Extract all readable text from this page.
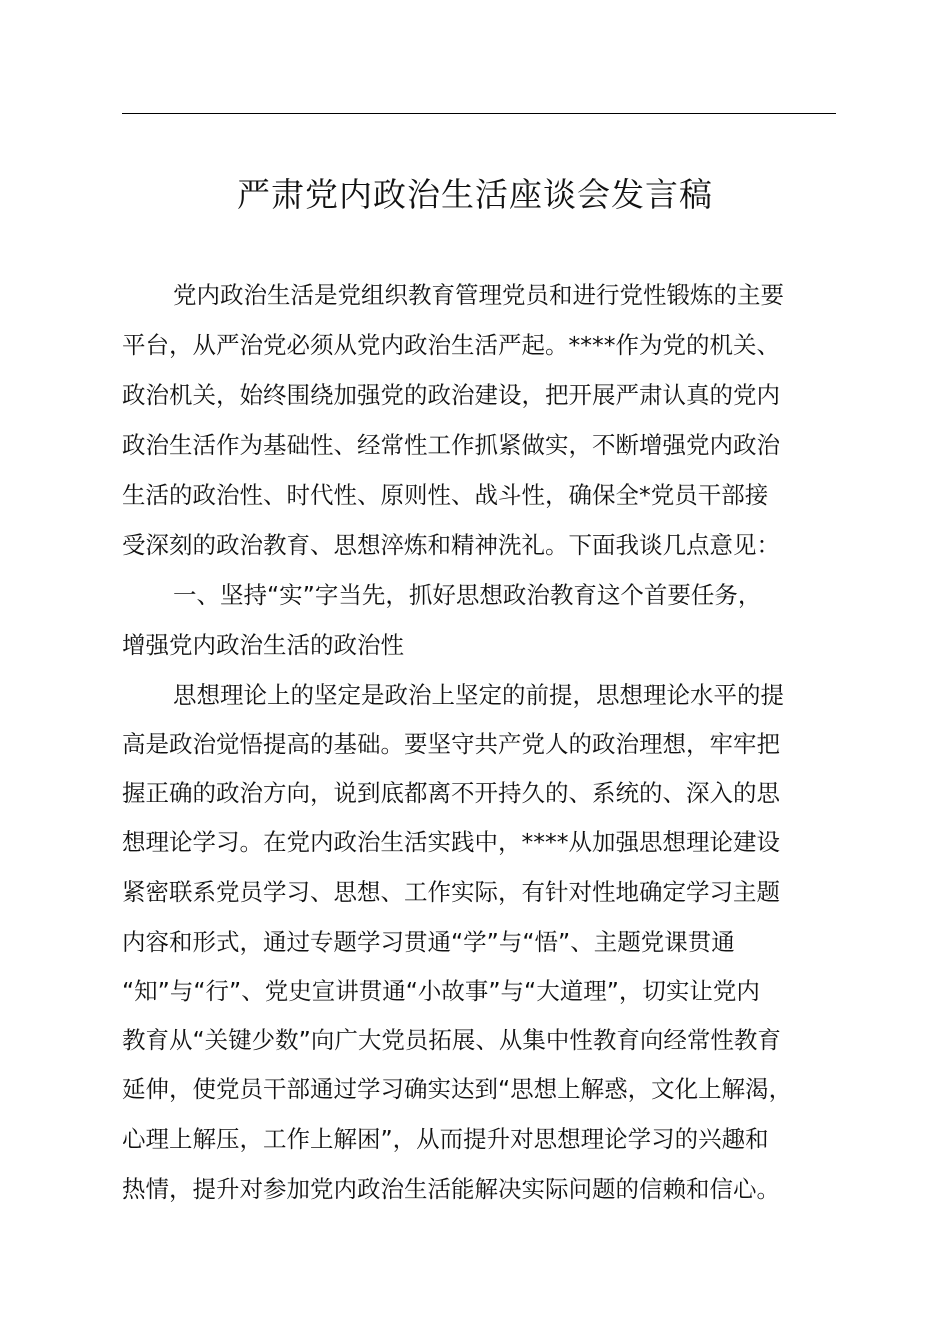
严肃党内政治生活座谈会发言稿

党内政治生活是党组织教育管理党员和进行党性锻炼的主要

平台，从严治党必须从党内政治生活严起。****作为党的机关、

政治机关，始终围绕加强党的政治建设，把开展严肃认真的党内

政治生活作为基础性、经常性工作抓紧做实，不断增强党内政治

生活的政治性、时代性、原则性、战斗性，确保全*党员干部接

受深刻的政治教育、思想淬炼和精神洗礼。下面我谈几点意见：

一、坚持“实”字当先，抓好思想政治教育这个首要任务，

增强党内政治生活的政治性

思想理论上的坚定是政治上坚定的前提，思想理论水平的提

高是政治觉悟提高的基础。要坚守共产党人的政治理想，牢牢把

握正确的政治方向，说到底都离不开持久的、系统的、深入的思

想理论学习。在党内政治生活实践中，****从加强思想理论建设

紧密联系党员学习、思想、工作实际，有针对性地确定学习主题

内容和形式，通过专题学习贯通“学”与“悟”、主题党课贯通

“知”与“行”、党史宣讲贯通“小故事”与“大道理”，切实让党内

教育从“关键少数”向广大党员拓展、从集中性教育向经常性教育

延伸，使党员干部通过学习确实达到“思想上解惑，文化上解渴，

心理上解压，工作上解困”，从而提升对思想理论学习的兴趣和

热情，提升对参加党内政治生活能解决实际问题的信赖和信心。
